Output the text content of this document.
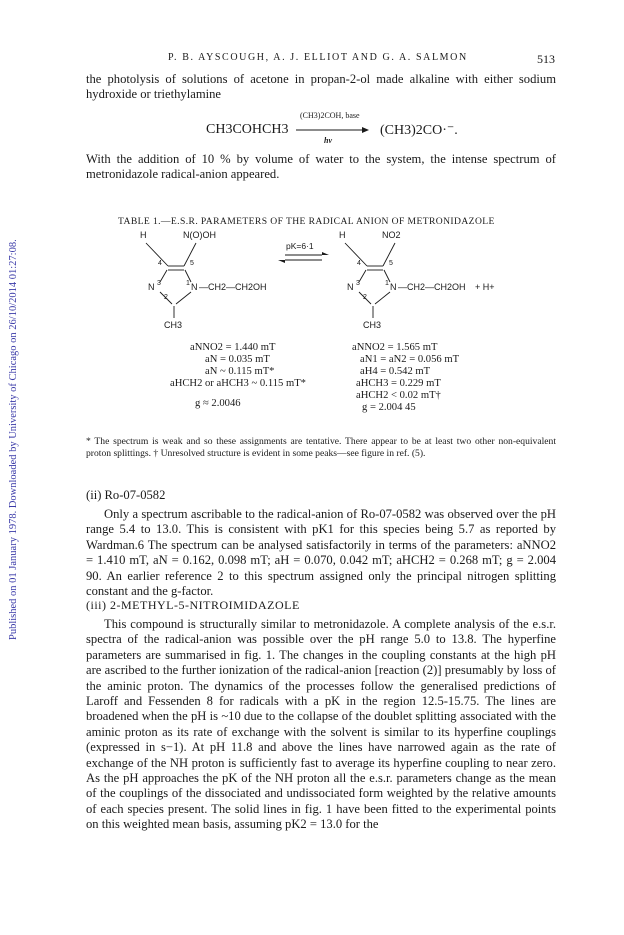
Published on 01 January 1978. Downloaded by University of Chicago on 26/10/2014 01:27:08.
P. B. AYSCOUGH, A. J. ELLIOT AND G. A. SALMON	513
the photolysis of solutions of acetone in propan-2-ol made alkaline with either sodium hydroxide or triethylamine
(CH3)2COH, base
CH3COHCH3
hν
(CH3)2CO·⁻.
With the addition of 10 % by volume of water to the system, the intense spectrum of metronidazole radical-anion appeared.
TABLE 1.—E.S.R. PARAMETERS OF THE RADICAL ANION OF METRONIDAZOLE
H	N(O)OH
4	5
N 3	1 N —CH2—CH2OH
2
CH3
pK=6·1
H	NO2
4	5
N 3	1 N —CH2—CH2OH + H+
2
CH3
aNNO2 = 1.440 mT
aN = 0.035 mT
aN ~ 0.115 mT*
aHCH2 or aHCH3 ~ 0.115 mT*
g ≈ 2.0046
aNNO2 = 1.565 mT
aN1 = aN2 = 0.056 mT
aH4 = 0.542 mT
aHCH3 = 0.229 mT
aHCH2 < 0.02 mT†
g = 2.004 45
* The spectrum is weak and so these assignments are tentative. There appear to be at least two other non-equivalent proton splittings. † Unresolved structure is evident in some peaks—see figure in ref. (5).
(ii) Ro-07-0582
Only a spectrum ascribable to the radical-anion of Ro-07-0582 was observed over the pH range 5.4 to 13.0. This is consistent with pK1 for this species being 5.7 as reported by Wardman.6 The spectrum can be analysed satisfactorily in terms of the parameters: aNNO2 = 1.410 mT, aN = 0.162, 0.098 mT; aH = 0.070, 0.042 mT; aHCH2 = 0.268 mT; g = 2.004 90. An earlier reference 2 to this spectrum assigned only the principal nitrogen splitting constant and the g-factor.
(iii) 2-METHYL-5-NITROIMIDAZOLE
This compound is structurally similar to metronidazole. A complete analysis of the e.s.r. spectra of the radical-anion was possible over the pH range 5.0 to 13.8. The hyperfine parameters are summarised in fig. 1. The changes in the coupling constants at the high pH are ascribed to the further ionization of the radical-anion [reaction (2)] presumably by loss of the aminic proton. The dynamics of the processes follow the generalised predictions of Laroff and Fessenden 8 for radicals with a pK in the region 12.5-15.75. The lines are broadened when the pH is ~10 due to the collapse of the doublet splitting associated with the aminic proton as its rate of exchange with the solvent is similar to its hyperfine couplings (expressed in s−1). At pH 11.8 and above the lines have narrowed again as the rate of exchange of the NH proton is sufficiently fast to average its hyperfine coupling to near zero. As the pH approaches the pK of the NH proton all the e.s.r. parameters change as the mean of the couplings of the dissociated and undissociated form weighted by the relative amounts of each species present. The solid lines in fig. 1 have been fitted to the experimental points on this weighted mean basis, assuming pK2 = 13.0 for the
